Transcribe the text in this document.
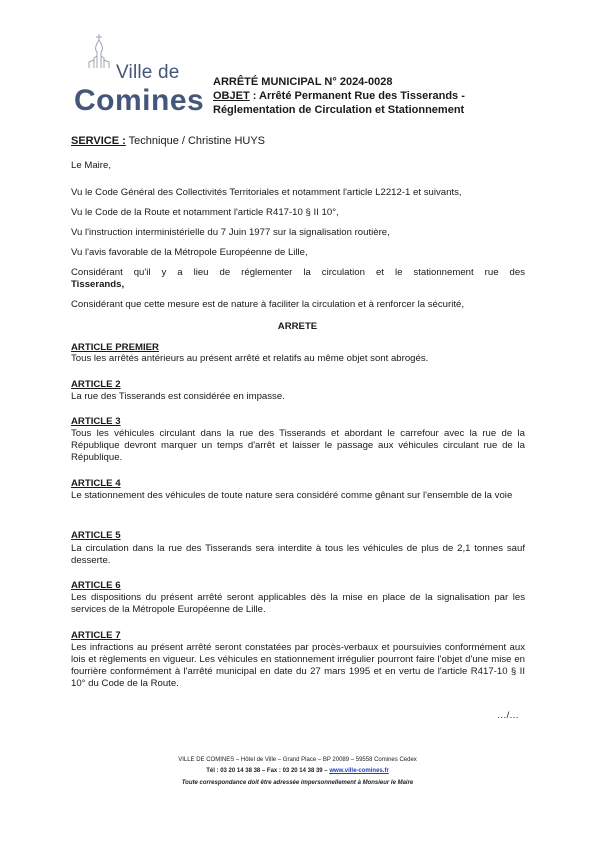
Ville de
Comines
ARRÊTÉ MUNICIPAL N° 2024-0028
OBJET : Arrêté Permanent Rue des Tisserands -
Réglementation de Circulation et Stationnement
SERVICE : Technique / Christine HUYS
Le Maire,
Vu le Code Général des Collectivités Territoriales et notamment l'article L2212-1 et suivants,
Vu le Code de la Route et notamment l'article R417-10 § II 10°,
Vu l'instruction interministérielle du 7 Juin 1977 sur la signalisation routière,
Vu l'avis favorable de la Métropole Européenne de Lille,
Considérant qu'il y a lieu de réglementer la circulation et le stationnement rue des
Tisserands,
Considérant que cette mesure est de nature à faciliter la circulation et à renforcer la sécurité,
ARRETE
ARTICLE PREMIER
Tous les arrêtés antérieurs au présent arrêté et relatifs au même objet sont abrogés.
ARTICLE 2
La rue des Tisserands est considérée en impasse.
ARTICLE 3
Tous les véhicules circulant dans la rue des Tisserands et abordant le carrefour avec la rue de la République devront marquer un temps d'arrêt et laisser le passage aux véhicules circulant rue de la République.
ARTICLE 4
Le stationnement des véhicules de toute nature sera considéré comme gênant sur l'ensemble de la voie
ARTICLE 5
La circulation dans la rue des Tisserands sera interdite à tous les véhicules de plus de 2,1 tonnes sauf desserte.
ARTICLE 6
Les dispositions du présent arrêté seront applicables dès la mise en place de la signalisation par les services de la Métropole Européenne de Lille.
ARTICLE 7
Les infractions au présent arrêté seront constatées par procès-verbaux et poursuivies conformément aux lois et règlements en vigueur. Les véhicules en stationnement irrégulier pourront faire l'objet d'une mise en fourrière conformément à l'arrêté municipal en date du 27 mars 1995 et en vertu de l'article R417-10 § II 10° du Code de la Route.
…/…
VILLE DE COMINES – Hôtel de Ville – Grand Place – BP 20089 – 59558 Comines Cedex
Tél : 03 20 14 38 38 – Fax : 03 20 14 38 39 – www.ville-comines.fr
Toute correspondance doit être adressée impersonnellement à Monsieur le Maire
